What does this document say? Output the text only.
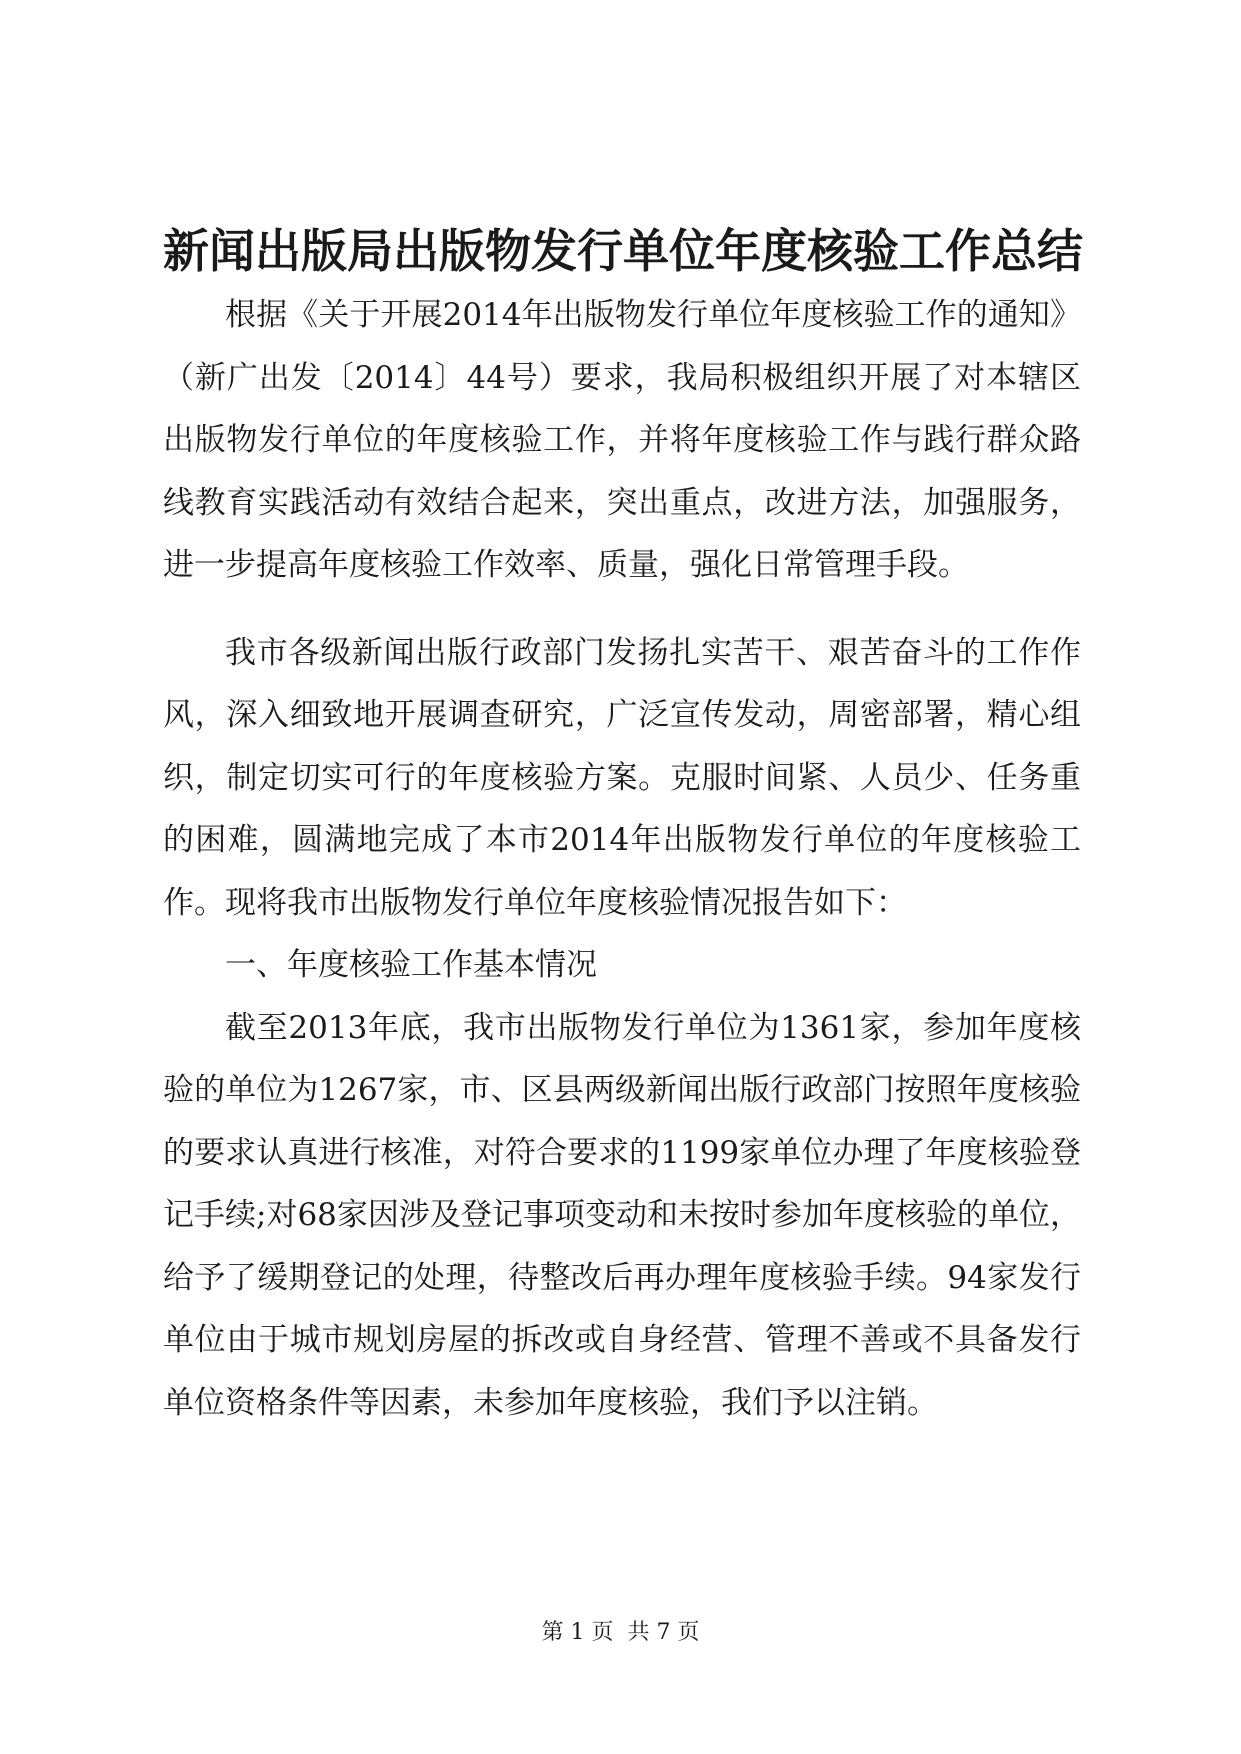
新闻出版局出版物发行单位年度核验工作总结

根据《关于开展2014年出版物发行单位年度核验工作的通知》（新广出发〔2014〕44号）要求，我局积极组织开展了对本辖区出版物发行单位的年度核验工作，并将年度核验工作与践行群众路线教育实践活动有效结合起来，突出重点，改进方法，加强服务，进一步提高年度核验工作效率、质量，强化日常管理手段。

我市各级新闻出版行政部门发扬扎实苦干、艰苦奋斗的工作作风，深入细致地开展调查研究，广泛宣传发动，周密部署，精心组织，制定切实可行的年度核验方案。克服时间紧、人员少、任务重的困难，圆满地完成了本市2014年出版物发行单位的年度核验工作。现将我市出版物发行单位年度核验情况报告如下：

一、年度核验工作基本情况

截至2013年底，我市出版物发行单位为1361家，参加年度核验的单位为1267家，市、区县两级新闻出版行政部门按照年度核验的要求认真进行核准，对符合要求的1199家单位办理了年度核验登记手续;对68家因涉及登记事项变动和未按时参加年度核验的单位，给予了缓期登记的处理，待整改后再办理年度核验手续。94家发行单位由于城市规划房屋的拆改或自身经营、管理不善或不具备发行单位资格条件等因素，未参加年度核验，我们予以注销。

第 1 页 共 7 页
